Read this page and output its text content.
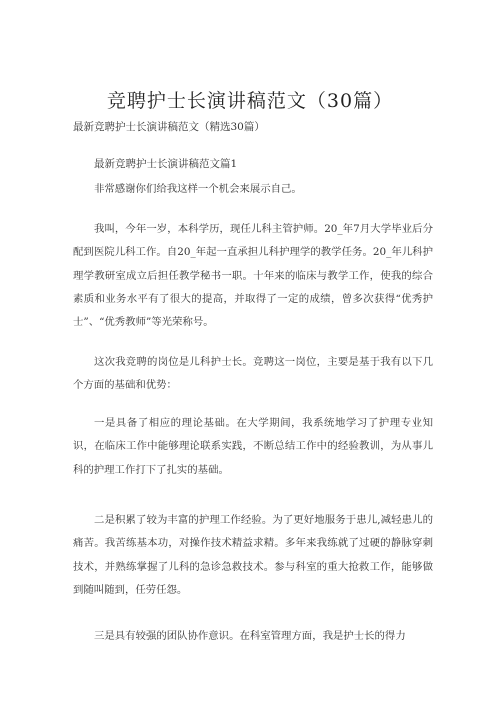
竞聘护士长演讲稿范文（30篇）
最新竞聘护士长演讲稿范文（精选30篇）
最新竞聘护士长演讲稿范文篇1

非常感谢你们给我这样一个机会来展示自己。

我叫，今年一岁，本科学历，现任儿科主管护师。20_年7月大学毕业后分配到医院儿科工作。自20_年起一直承担儿科护理学的教学任务。20_年儿科护理学教研室成立后担任教学秘书一职。十年来的临床与教学工作，使我的综合素质和业务水平有了很大的提高，并取得了一定的成绩，曾多次获得“优秀护士”、“优秀教师”等光荣称号。

这次我竞聘的岗位是儿科护士长。竞聘这一岗位，主要是基于我有以下几个方面的基础和优势：

一是具备了相应的理论基础。在大学期间，我系统地学习了护理专业知识，在临床工作中能够理论联系实践，不断总结工作中的经验教训，为从事儿科的护理工作打下了扎实的基础。

二是积累了较为丰富的护理工作经验。为了更好地服务于患儿,减轻患儿的痛苦。我苦练基本功，对操作技术精益求精。多年来我练就了过硬的静脉穿刺技术，并熟练掌握了儿科的急诊急救技术。参与科室的重大抢救工作，能够做到随叫随到，任劳任怨。

三是具有较强的团队协作意识。在科室管理方面，我是护士长的得力
